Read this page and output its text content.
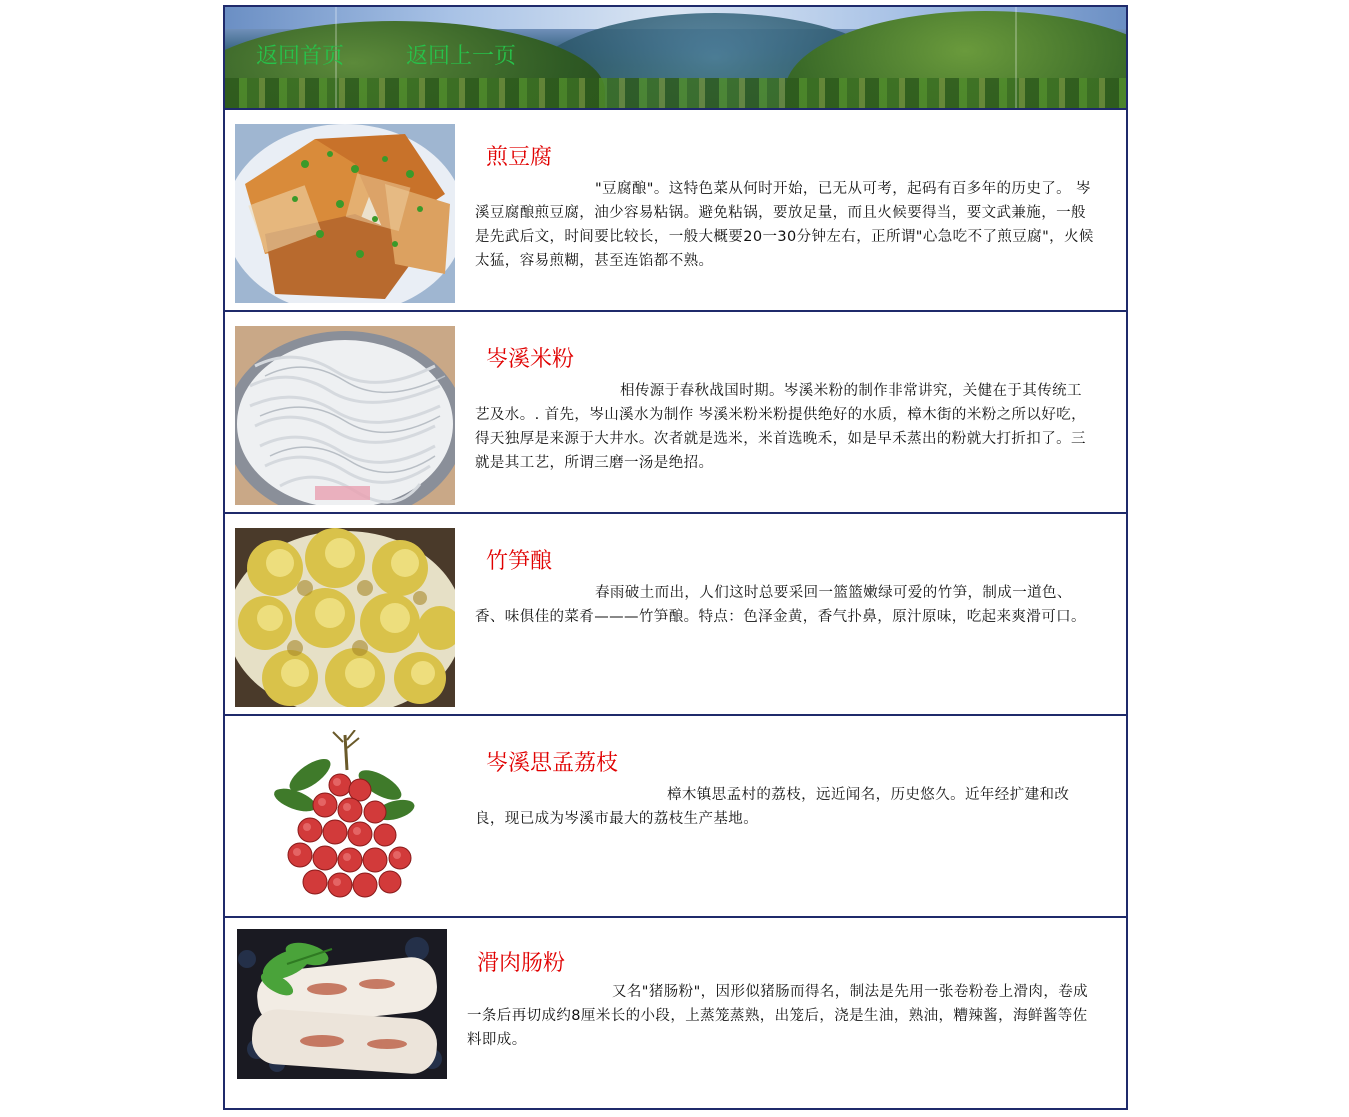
返回首页	返回上一页
煎豆腐

"豆腐酿"。这特色菜从何时开始，已无从可考，起码有百多年的历史了。 岑溪豆腐酿煎豆腐，油少容易粘锅。避免粘锅，要放足量，而且火候要得当，要文武兼施，一般是先武后文，时间要比较长，一般大概要20一30分钟左右，正所谓"心急吃不了煎豆腐"，火候太猛，容易煎糊，甚至连馅都不熟。

岑溪米粉

相传源于春秋战国时期。岑溪米粉的制作非常讲究，关健在于其传统工艺及水。. 首先，岑山溪水为制作 岑溪米粉米粉提供绝好的水质，樟木街的米粉之所以好吃，得天独厚是来源于大井水。次者就是选米，米首选晚禾，如是早禾蒸出的粉就大打折扣了。三就是其工艺，所谓三磨一汤是绝招。

竹笋酿

春雨破土而出，人们这时总要采回一篮篮嫩绿可爱的竹笋，制成一道色、香、味俱佳的菜肴———竹笋酿。特点：色泽金黄，香气扑鼻，原汁原味，吃起来爽滑可口。

岑溪思孟荔枝

樟木镇思孟村的荔枝，远近闻名，历史悠久。近年经扩建和改良，现已成为岑溪市最大的荔枝生产基地。

滑肉肠粉

又名"猪肠粉"，因形似猪肠而得名，制法是先用一张卷粉卷上滑肉，卷成一条后再切成约8厘米长的小段，上蒸笼蒸熟，出笼后，浇是生油，熟油，糟辣酱，海鲜酱等佐料即成。
